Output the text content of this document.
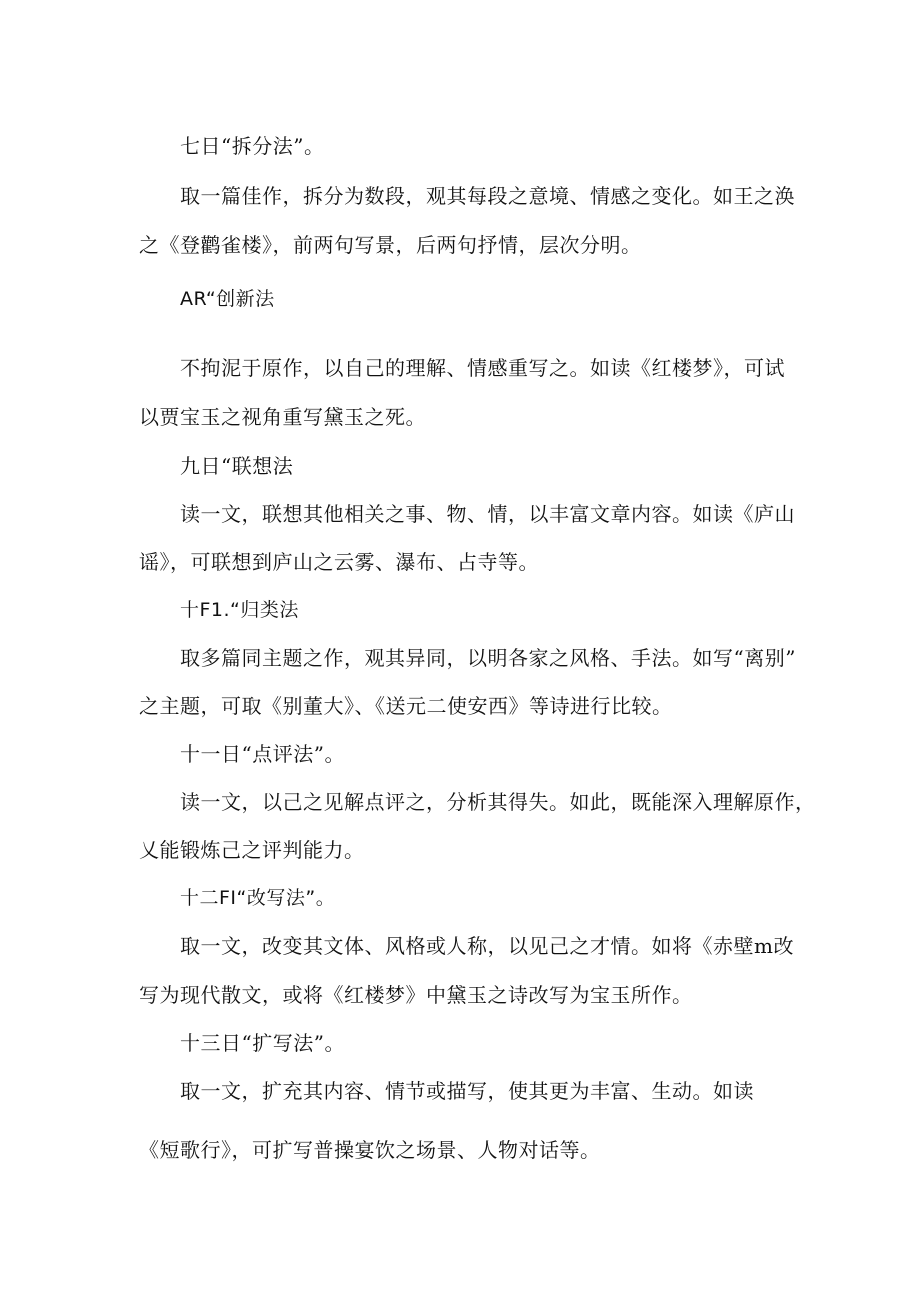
七日“拆分法”。
取一篇佳作，拆分为数段，观其每段之意境、情感之变化。如王之涣
之《登鹳雀楼》，前两句写景，后两句抒情，层次分明。
AR“创新法
不拘泥于原作，以自己的理解、情感重写之。如读《红楼梦》，可试
以贾宝玉之视角重写黛玉之死。
九日“联想法
读一文，联想其他相关之事、物、情，以丰富文章内容。如读《庐山
谣》，可联想到庐山之云雾、瀑布、占寺等。
十F1.“归类法
取多篇同主题之作，观其异同，以明各家之风格、手法。如写“离别”
之主题，可取《别董大》、《送元二使安西》等诗进行比较。
十一日“点评法”。
读一文，以己之见解点评之，分析其得失。如此，既能深入理解原作，
乂能锻炼己之评判能力。
十二FI“改写法”。
取一文，改变其文体、风格或人称，以见己之才情。如将《赤壁m改
写为现代散文，或将《红楼梦》中黛玉之诗改写为宝玉所作。
十三日“扩写法”。
取一文，扩充其内容、情节或描写，使其更为丰富、生动。如读
《短歌行》，可扩写普操宴饮之场景、人物对话等。
